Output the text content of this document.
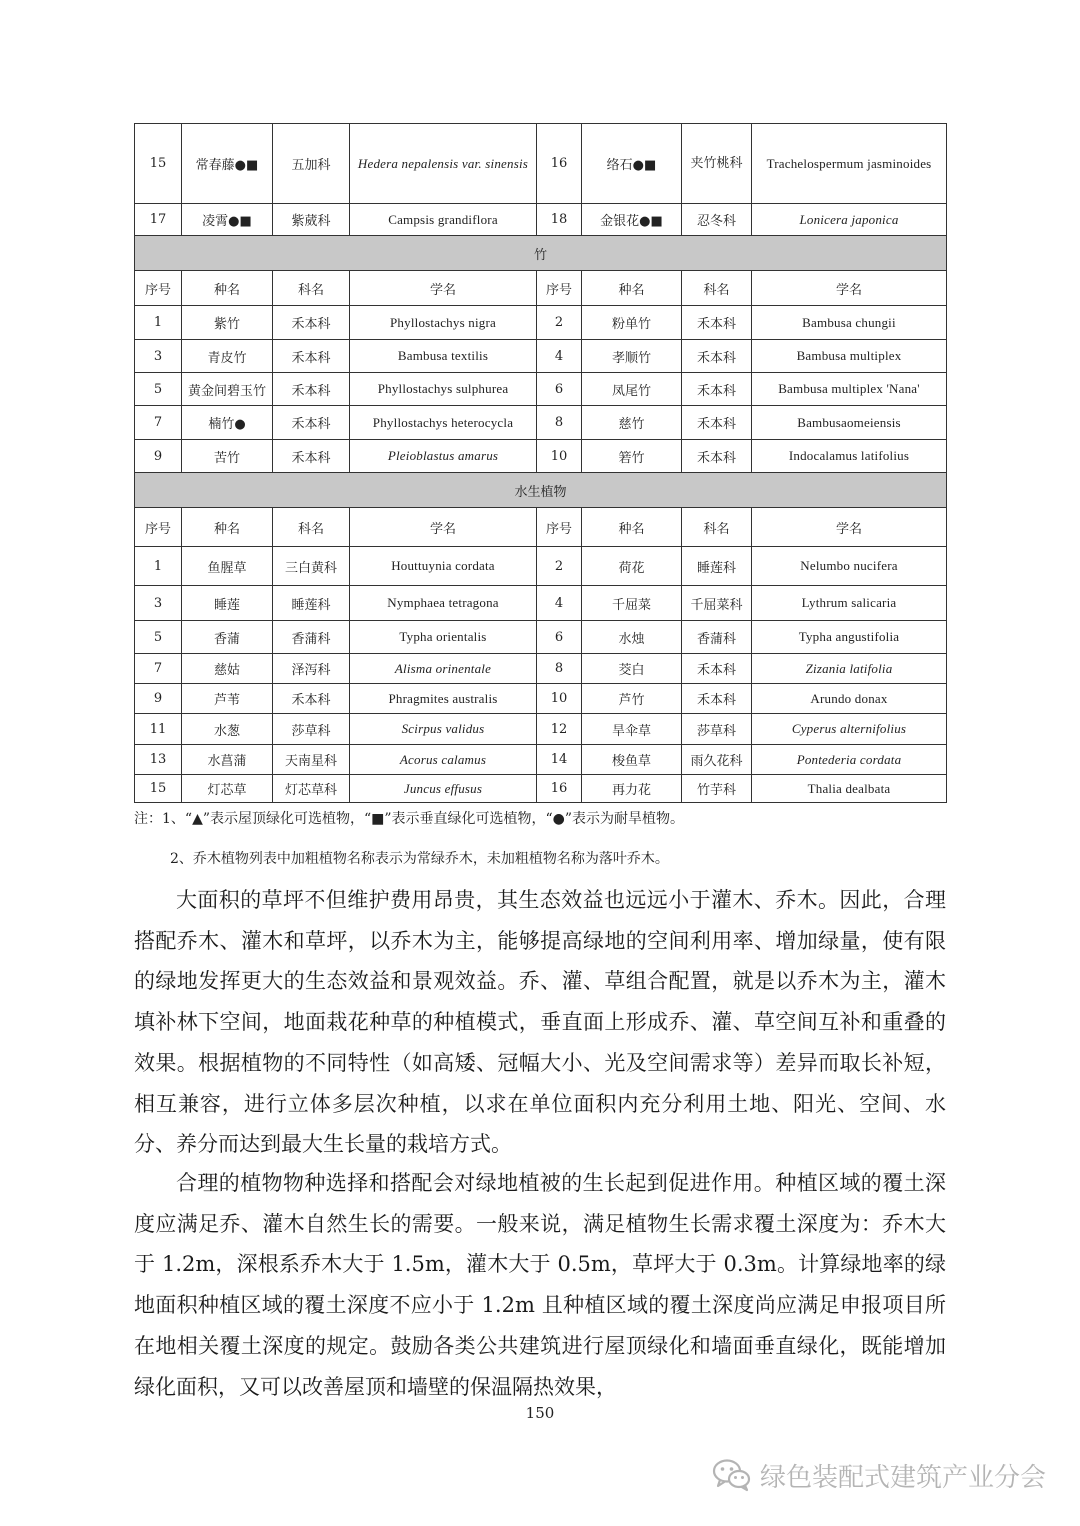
15	常春藤●■	五加科	Hedera nepalensis var. sinensis	16	络石●■	夹竹桃科	Trachelospermum jasminoides
17	凌霄●■	紫葳科	Campsis grandiflora	18	金银花●■	忍冬科	Lonicera japonica
竹							
序号	种名	科名	学名	序号	种名	科名	学名
1	紫竹	禾本科	Phyllostachys nigra	2	粉单竹	禾本科	Bambusa chungii
3	青皮竹	禾本科	Bambusa textilis	4	孝顺竹	禾本科	Bambusa multiplex
5	黄金间碧玉竹	禾本科	Phyllostachys sulphurea	6	凤尾竹	禾本科	Bambusa multiplex 'Nana'
7	楠竹●	禾本科	Phyllostachys heterocycla	8	慈竹	禾本科	Bambusaomeiensis
9	苦竹	禾本科	Pleioblastus amarus	10	箬竹	禾本科	Indocalamus latifolius
水生植物							
序号	种名	科名	学名	序号	种名	科名	学名
1	鱼腥草	三白黄科	Houttuynia cordata	2	荷花	睡莲科	Nelumbo nucifera
3	睡莲	睡莲科	Nymphaea tetragona	4	千屈菜	千屈菜科	Lythrum salicaria
5	香蒲	香蒲科	Typha orientalis	6	水烛	香蒲科	Typha angustifolia
7	慈姑	泽泻科	Alisma orinentale	8	茭白	禾本科	Zizania latifolia
9	芦苇	禾本科	Phragmites australis	10	芦竹	禾本科	Arundo donax
11	水葱	莎草科	Scirpus validus	12	旱伞草	莎草科	Cyperus alternifolius
13	水菖蒲	天南星科	Acorus calamus	14	梭鱼草	雨久花科	Pontederia cordata
15	灯芯草	灯芯草科	Juncus effusus	16	再力花	竹芋科	Thalia dealbata
注：1、“▲”表示屋顶绿化可选植物，“■”表示垂直绿化可选植物，“●”表示为耐旱植物。
2、乔木植物列表中加粗植物名称表示为常绿乔木，未加粗植物名称为落叶乔木。

大面积的草坪不但维护费用昂贵，其生态效益也远远小于灌木、乔木。因此，合理搭配乔木、灌木和草坪，以乔木为主，能够提高绿地的空间利用率、增加绿量，使有限的绿地发挥更大的生态效益和景观效益。乔、灌、草组合配置，就是以乔木为主，灌木填补林下空间，地面栽花种草的种植模式，垂直面上形成乔、灌、草空间互补和重叠的效果。根据植物的不同特性（如高矮、冠幅大小、光及空间需求等）差异而取长补短，相互兼容，进行立体多层次种植，以求在单位面积内充分利用土地、阳光、空间、水分、养分而达到最大生长量的栽培方式。

合理的植物物种选择和搭配会对绿地植被的生长起到促进作用。种植区域的覆土深度应满足乔、灌木自然生长的需要。一般来说，满足植物生长需求覆土深度为：乔木大于 1.2m，深根系乔木大于 1.5m，灌木大于 0.5m，草坪大于 0.3m。计算绿地率的绿地面积种植区域的覆土深度不应小于 1.2m 且种植区域的覆土深度尚应满足申报项目所在地相关覆土深度的规定。鼓励各类公共建筑进行屋顶绿化和墙面垂直绿化，既能增加绿化面积，又可以改善屋顶和墙壁的保温隔热效果，

150
绿色装配式建筑产业分会
